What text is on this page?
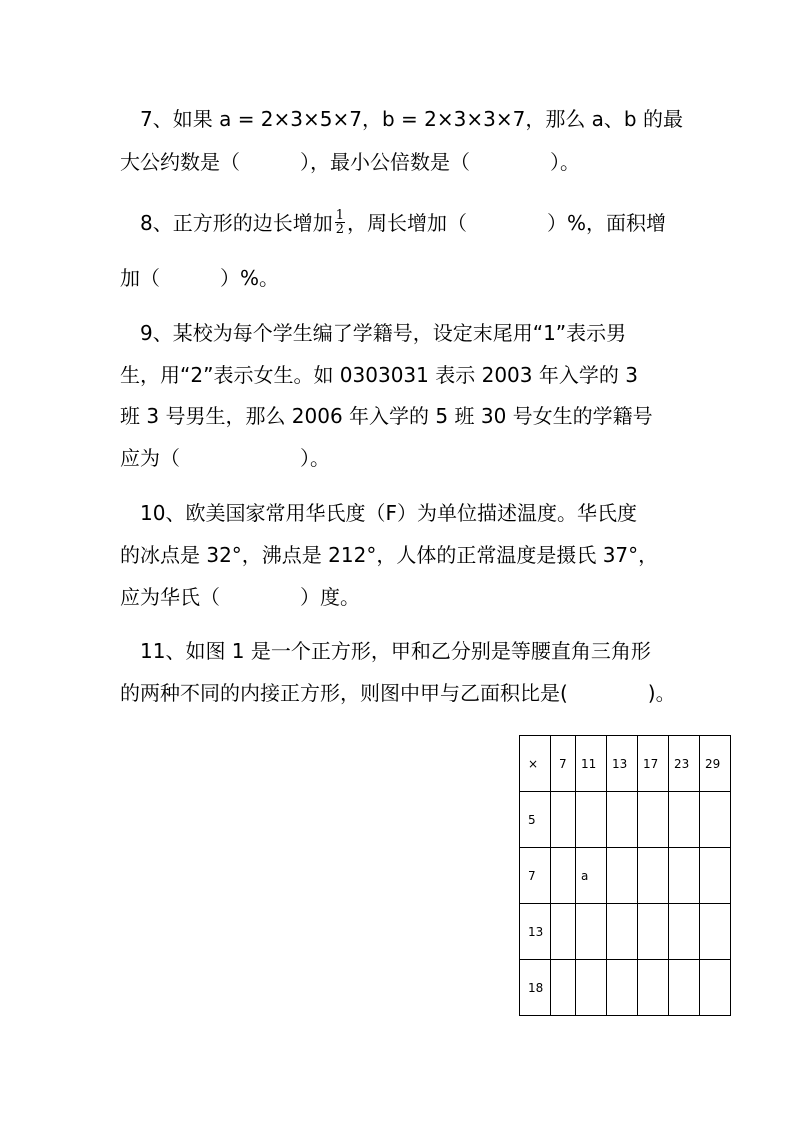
　7、如果 a = 2×3×5×7，b = 2×3×3×7，那么 a、b 的最
大公约数是（　　　），最小公倍数是（　　　　）。
　8、正方形的边长增加 $\frac{1}{2}$ ，周长增加（　　　　）%，面积增
加（　　　）%。
　9、某校为每个学生编了学籍号，设定末尾用“1”表示男
生，用“2”表示女生。如 0303031 表示 2003 年入学的 3
班 3 号男生，那么 2006 年入学的 5 班 30 号女生的学籍号
应为（　　　　　　）。
　10、欧美国家常用华氏度（F）为单位描述温度。华氏度
的冰点是 32°，沸点是 212°，人体的正常温度是摄氏 37°，
应为华氏（　　　　）度。
　11、如图 1 是一个正方形，甲和乙分别是等腰直角三角形
的两种不同的内接正方形，则图中甲与乙面积比是(　　　　)。
×	7	11	13	17	23	29
5						
7		a				
13						
18						
